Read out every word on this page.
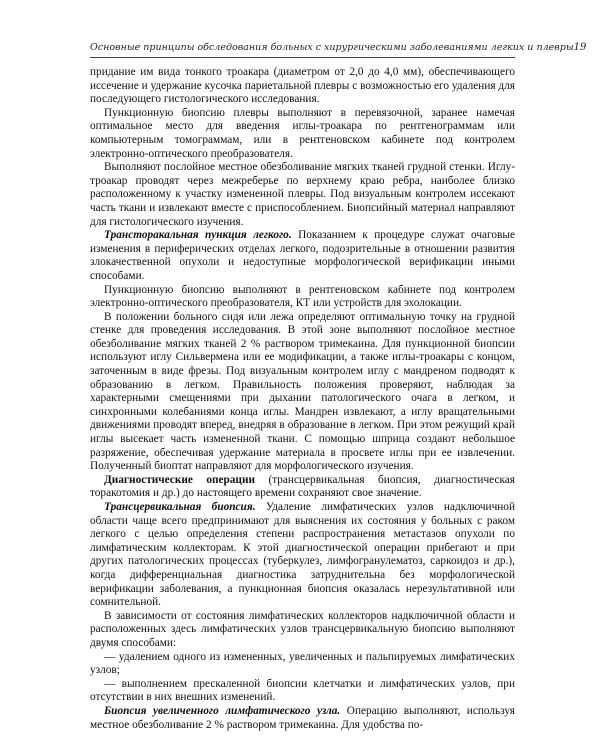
Основные принципы обследования больных с хирургическими заболеваниями легких и плевры 19

придание им вида тонкого троакара (диаметром от 2,0 до 4,0 мм), обеспечивающего иссечение и удержание кусочка париетальной плевры с возможностью его удаления для последующего гистологического исследования.

Пункционную биопсию плевры выполняют в перевязочной, заранее намечая оптимальное место для введения иглы-троакара по рентгенограммам или компьютерным томограммам, или в рентгеновском кабинете под контролем электронно-оптического преобразователя.

Выполняют послойное местное обезболивание мягких тканей грудной стенки. Иглу-троакар проводят через межреберье по верхнему краю ребра, наиболее близко расположенному к участку измененной плевры. Под визуальным контролем иссекают часть ткани и извлекают вместе с приспособлением. Биопсийный материал направляют для гистологического изучения.

Трансторакальная пункция легкого. Показанием к процедуре служат очаговые изменения в периферических отделах легкого, подозрительные в отношении развития злокачественной опухоли и недоступные морфологической верификации иными способами.

Пункционную биопсию выполняют в рентгеновском кабинете под контролем электронно-оптического преобразователя, КТ или устройств для эхолокации.

В положении больного сидя или лежа определяют оптимальную точку на грудной стенке для проведения исследования. В этой зоне выполняют послойное местное обезболивание мягких тканей 2 % раствором тримекаина. Для пункционной биопсии используют иглу Сильвермена или ее модификации, а также иглы-троакары с концом, заточенным в виде фрезы. Под визуальным контролем иглу с мандреном подводят к образованию в легком. Правильность положения проверяют, наблюдая за характерными смещениями при дыхании патологического очага в легком, и синхронными колебаниями конца иглы. Мандрен извлекают, а иглу вращательными движениями проводят вперед, внедряя в образование в легком. При этом режущий край иглы высекает часть измененной ткани. С помощью шприца создают небольшое разряжение, обеспечивая удержание материала в просвете иглы при ее извлечении. Полученный биоптат направляют для морфологического изучения.

Диагностические операции (трансцервикальная биопсия, диагностическая торакотомия и др.) до настоящего времени сохраняют свое значение.

Трансцервикальная биопсия. Удаление лимфатических узлов надключичной области чаще всего предпринимают для выяснения их состояния у больных с раком легкого с целью определения степени распространения метастазов опухоли по лимфатическим коллекторам. К этой диагностической операции прибегают и при других патологических процессах (туберкулез, лимфогранулематоз, саркоидоз и др.), когда дифференциальная диагностика затруднительна без морфологической верификации заболевания, а пункционная биопсия оказалась нерезультативной или сомнительной.

В зависимости от состояния лимфатических коллекторов надключичной области и расположенных здесь лимфатических узлов трансцервикальную биопсию выполняют двумя способами:

— удалением одного из измененных, увеличенных и пальпируемых лимфатических узлов;

— выполнением прескаленной биопсии клетчатки и лимфатических узлов, при отсутствии в них внешних изменений.

Биопсия увеличенного лимфатического узла. Операцию выполняют, используя местное обезболивание 2 % раствором тримекаина. Для удобства по-
